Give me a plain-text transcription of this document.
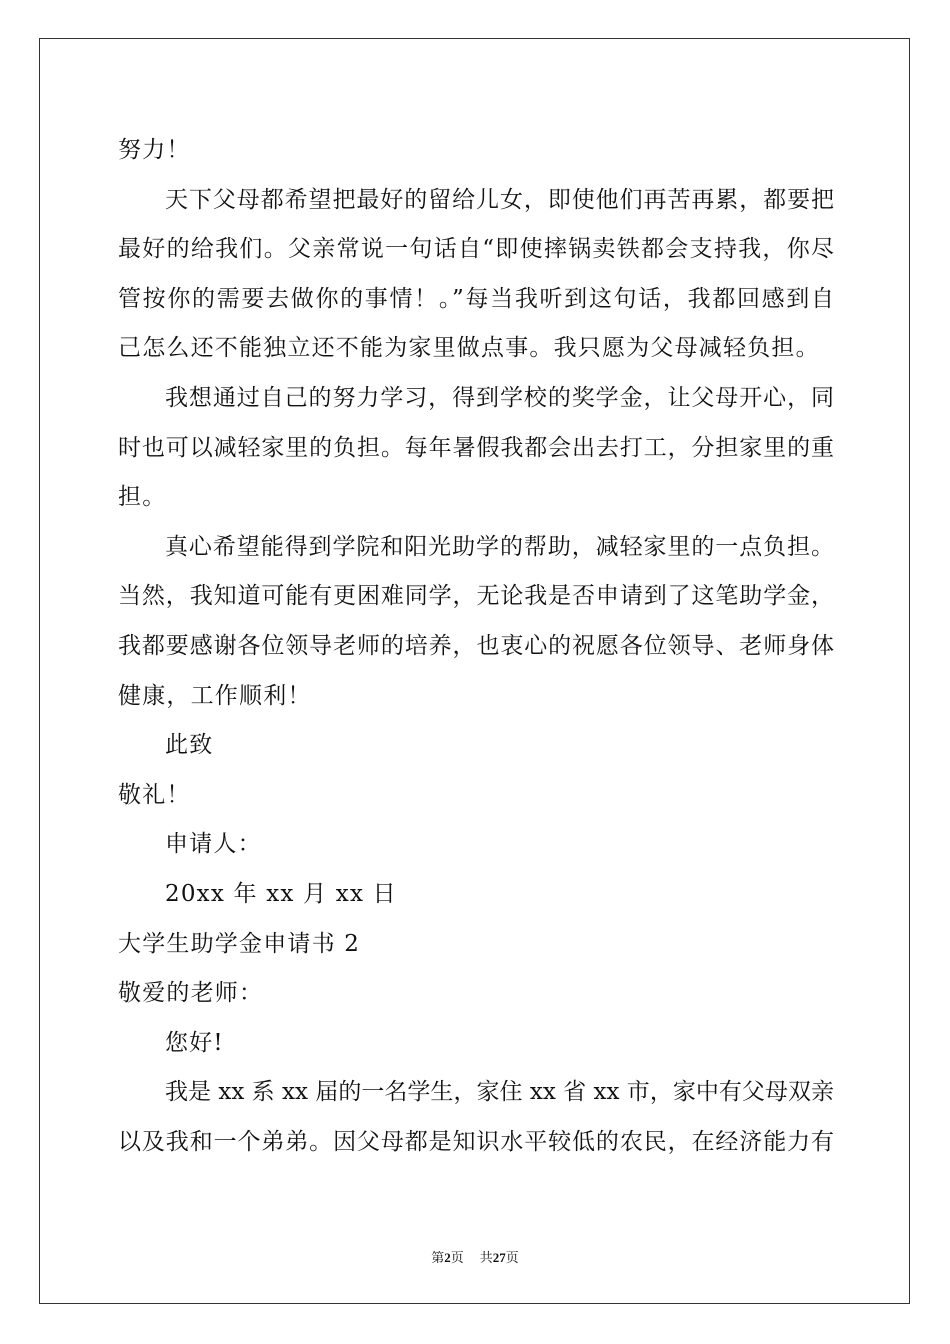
努力！
天下父母都希望把最好的留给儿女，即使他们再苦再累，都要把
最好的给我们。父亲常说一句话自“即使摔锅卖铁都会支持我，你尽
管按你的需要去做你的事情！。”每当我听到这句话，我都回感到自
己怎么还不能独立还不能为家里做点事。我只愿为父母减轻负担。
我想通过自己的努力学习，得到学校的奖学金，让父母开心，同
时也可以减轻家里的负担。每年暑假我都会出去打工，分担家里的重
担。
真心希望能得到学院和阳光助学的帮助，减轻家里的一点负担。
当然，我知道可能有更困难同学，无论我是否申请到了这笔助学金，
我都要感谢各位领导老师的培养，也衷心的祝愿各位领导、老师身体
健康，工作顺利！
此致
敬礼！
申请人：
20xx 年 xx 月 xx 日
大学生助学金申请书 2
敬爱的老师：
您好!
我是 xx 系 xx 届的一名学生，家住 xx 省 xx 市，家中有父母双亲
以及我和一个弟弟。因父母都是知识水平较低的农民，在经济能力有
第2页 共27页
